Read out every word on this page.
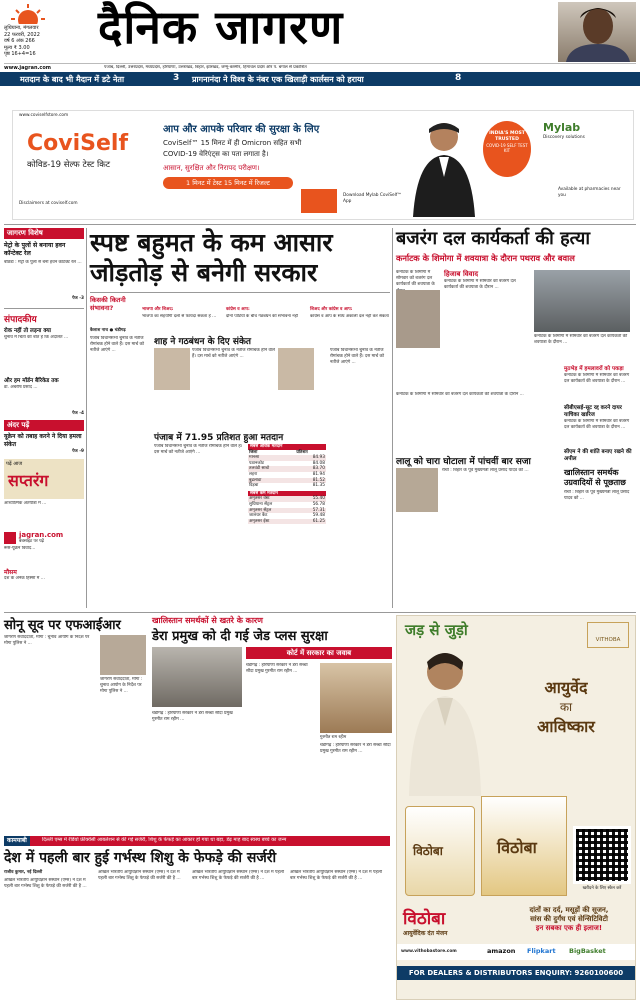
लुधियाना, मंगलवार
22 फरवरी, 2022
वर्ष 6 अंक 266
मूल्य ₹ 3.00
पृष्ठ 16+4=16	दैनिक जागरण
www.jagran.com	पंजाब, दिल्ली, उत्तरप्रदेश, मध्यप्रदेश, हरियाणा, उत्तराखंड, बिहार, झारखंड, जम्मू-कश्मीर, हिमाचल प्रदेश और प. बंगाल से प्रकाशित
मतदान के बाद भी मैदान में डटे नेता	3 प्रागनानंदा ने विश्व के नंबर एक खिलाड़ी कार्लसन को हराया	8
www.coviselfstore.com
CoviSelf
कोविड-19 सेल्फ टेस्ट किट
Disclaimers at coviself.com
आप और आपके परिवार की सुरक्षा के लिए
CoviSelf™ 15 मिनट में ही Omicron सहित सभी
COVID-19 वेरिएंट्स का पता लगाता है।
आसान, सुरक्षित और निरापद परीक्षण।
1 मिनट में टेस्ट 15 मिनट में रिजल्ट
Download Mylab CoviSelf™ App
INDIA'S MOST TRUSTED
COVID-19 SELF TEST KIT
Mylab
Discovery solutions
Available at pharmacies near you
जागरण विशेष
मेट्रो के पुलों से बनाया हवन कॉन्टेक्ट रेल
बठिंडा : मेट्रो के पुलों से बना हवन कांटेक्ट रेल ...
पेज -3
संपादकीय
रोक नहीं तो लड़ना क्या
चुनाव में चिंता की बात है कि अदालत ...
और हम मॉर्डन बैरिकेड तक
डॉ. अंबरीष प्रसाद ...
पेज -4
अंदर पढ़ें
यूक्रेन को तबाह करने ने दिया हमला संकेत
पेज -9
पढ़ें आज
सप्तरंग
आध्यात्मिक अंतर्यात्रा में ...
jagran.com
बेवसाइट पर पढ़ें
रूस-यूक्रेन विवाद...
मौसम
देश के अनेक हिस्सों में ...
स्पष्ट बहुमत के कम आसार
जोड़तोड़ से बनेगी सरकार
किसकी कितनी संभावना?	भाजपा और शिअद:
भाजपा का सहयोगी दलों से फायदा सकता है ...
कांग्रेस व आप:
दोनों पार्टियों के बीच गठबंधन की संभावना नहीं
शिअद और कांग्रेस व आप:
कांग्रेस व आप के साथ अकाली दल नहीं कर सकता
कैलाश नाथ ● चंडीगढ़
पंजाब विधानसभा चुनाव के नतीजे रोमांचक होने वाले हैं। दस मार्च को नतीजे आएंगे ...
शाह ने गठबंधन के दिए संकेत
पंजाब विधानसभा चुनाव के नतीजे रोमांचक होने वाले हैं। दस मार्च को नतीजे आएंगे ...
पंजाब में 71.95 प्रतिशत हुआ मतदान
पंजाब विधानसभा चुनाव के नतीजे रोमांचक होने वाले हैं। दस मार्च को नतीजे आएंगे ...
सबसे अधिक मतदान
जिला	प्रतिशत
मानसा	84.93
पठानकोट	84.08
तलवंडी साबो	83.70
लहरा	81.94
बुढलाडा	81.52
दिड़बा	81.35
सबसे कम मतदान
अमृतसर वेस्ट	55.40
लुधियाना सेंट्रल	56.78
अमृतसर सेंट्रल	57.31
जालंधर कैंट	59.48
अमृतसर ईस्ट	61.25
पंजाब विधानसभा चुनाव के नतीजे रोमांचक होने वाले हैं। दस मार्च को नतीजे आएंगे ...
बजरंग दल कार्यकर्ता की हत्या
कर्नाटक के शिमोगा में शवयात्रा के दौरान पथराव और बवाल
कर्नाटक के शिमोगा में सोमवार को बजरंग दल कार्यकर्ता की शवयात्रा के
हिजाब विवाद
कर्नाटक के शिमोगा में सोमवार को बजरंग दल कार्यकर्ता की शवयात्रा के दौरान ...
कर्नाटक के शिमोगा में सोमवार को बजरंग दल कार्यकर्ता की शवयात्रा के दौरान ...
मुठभेड़ में हमलावरों को पकड़ा
कर्नाटक के शिमोगा में सोमवार को बजरंग दल कार्यकर्ता की शवयात्रा के दौरान ...
सीबीएसई-सूट रद्द करने दायर याचिका खारिज
कर्नाटक के शिमोगा में सोमवार को बजरंग दल कार्यकर्ता की शवयात्रा के दौरान ...
सीएम ने की शांति बनाए रखने की अपील
कर्नाटक के शिमोगा में सोमवार को बजरंग दल कार्यकर्ता की शवयात्रा के दौरान ...
लालू को चारा घोटाला में पांचवीं बार सजा
रांची : बिहार के पूर्व मुख्यमंत्री लालू प्रसाद यादव को ...	खालिस्तान समर्थक उग्रवादियों से पूछताछ
रांची : बिहार के पूर्व मुख्यमंत्री लालू प्रसाद यादव को ...
सोनू सूद पर एफआईआर
जागरण संवाददाता, मोगा : चुनाव आयोग के निर्देश पर मोगा पुलिस ने ...
जागरण संवाददाता, मोगा : चुनाव आयोग के निर्देश पर मोगा पुलिस ने ...
खालिस्तान समर्थकों से खतरे के कारण
डेरा प्रमुख को दी गई जेड प्लस सुरक्षा
चंडीगढ़ : हरियाणा सरकार ने डेरा सच्चा सौदा प्रमुख गुरमीत राम रहीम ...
कोर्ट में सरकार का जवाब
चंडीगढ़ : हरियाणा सरकार ने डेरा सच्चा सौदा प्रमुख गुरमीत राम रहीम ...
गुरमीत राम रहीम
चंडीगढ़ : हरियाणा सरकार ने डेरा सच्चा सौदा प्रमुख गुरमीत राम रहीम ...
कामयाबी	दिल्ली एम्स में रेडियो फ्रीक्वेंसी आबलेशन से की गई सर्जरी, शिशु के फेफड़े का आकार हो गया था बड़ा, डेढ़ माह बाद स्वस्थ बच्चे का जन्म
देश में पहली बार हुई गर्भस्थ शिशु के फेफड़े की सर्जरी
राजीव कुमार, नई दिल्ली
अखिल भारतीय आयुर्विज्ञान संस्थान (एम्स) ने देश में पहली बार गर्भस्थ शिशु के फेफड़े की सर्जरी की है ...
अखिल भारतीय आयुर्विज्ञान संस्थान (एम्स) ने देश में पहली बार गर्भस्थ शिशु के फेफड़े की सर्जरी की है ...
अखिल भारतीय आयुर्विज्ञान संस्थान (एम्स) ने देश में पहली बार गर्भस्थ शिशु के फेफड़े की सर्जरी की है ...
अखिल भारतीय आयुर्विज्ञान संस्थान (एम्स) ने देश में पहली बार गर्भस्थ शिशु के फेफड़े की सर्जरी की है ...
जड़ से जुड़ो
VITHOBA
आयुर्वेद
का
आविष्कार
विठोबा	विठोबा
खरीदने के लिए स्कैन करें
विठोबा
आयुर्वेदिक दंत मंजन
दांतों का दर्द, मसूड़ों की सूजन,
सांस की दुर्गंध एवं सेन्सिटिविटी
इन सबका एक ही इलाज!
www.vithobastore.com	amazon Flipkart BigBasket
FOR DEALERS & DISTRIBUTORS ENQUIRY: 9260100600
